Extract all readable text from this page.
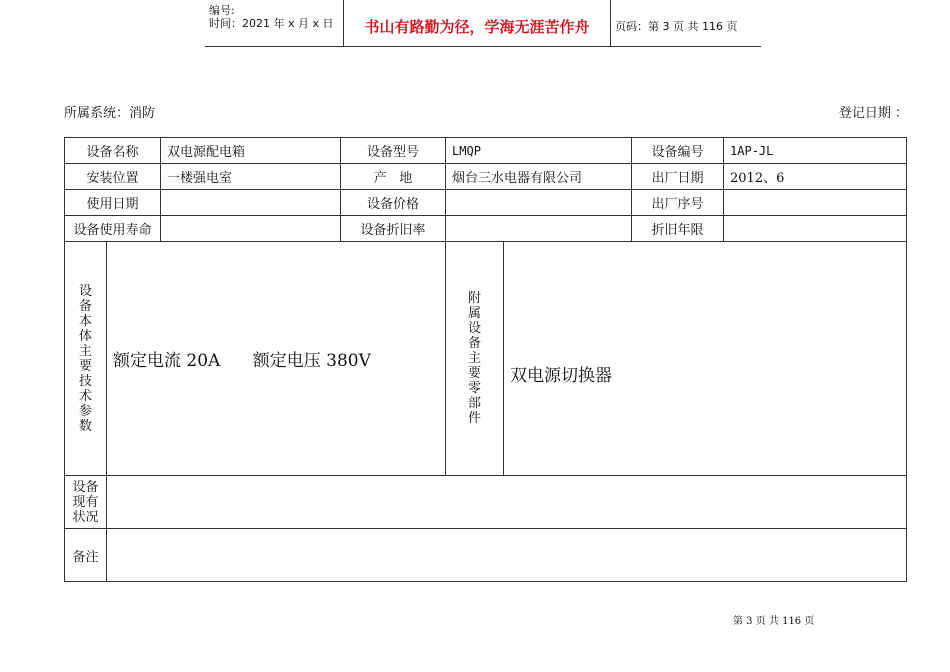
编号:
时间：2021 年 x 月 x 日	书山有路勤为径，学海无涯苦作舟	页码：第 3 页 共 116 页
所属系统：消防	登记日期 ：
设备名称		双电源配电箱	设备型号	LMQP		设备编号	1AP-JL
安装位置		一楼强电室	产   地	烟台三水电器有限公司		出厂日期	2012、6
使用日期			设备价格			出厂序号	
设备使用寿命			设备折旧率			折旧年限	
设备本体主要技术参数	额定电流 20A      额定电压 380V			附属设备主要零部件	双电源切换器		
设备现有状况							
备注							
第 3 页 共 116 页
